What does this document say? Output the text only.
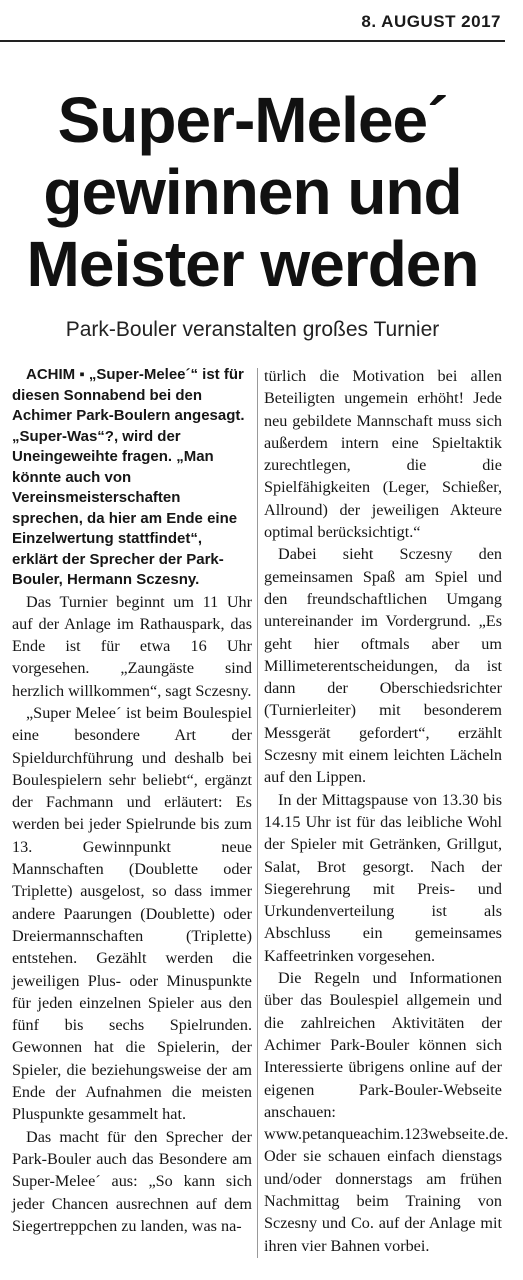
8. AUGUST 2017
Super-Melee´
gewinnen und
Meister werden
Park-Bouler veranstalten großes Turnier

ACHIM ▪ „Super-Melee´“ ist für diesen Sonnabend bei den Achimer Park-Boulern angesagt. „Super-Was“?, wird der Uneingeweihte fragen. „Man könnte auch von Vereinsmeisterschaften sprechen, da hier am Ende eine Einzelwertung stattfindet“, erklärt der Sprecher der Park-Bouler, Hermann Sczesny.

Das Turnier beginnt um 11 Uhr auf der Anlage im Rathauspark, das Ende ist für etwa 16 Uhr vorgesehen. „Zaungäste sind herzlich willkommen“, sagt Sczesny.

„Super Melee´ ist beim Boulespiel eine besondere Art der Spieldurchführung und deshalb bei Boulespielern sehr beliebt“, ergänzt der Fachmann und erläutert: Es werden bei jeder Spielrunde bis zum 13. Gewinnpunkt neue Mannschaften (Doublette oder Triplette) ausgelost, so dass immer andere Paarungen (Doublette) oder Dreiermannschaften (Triplette) entstehen. Gezählt werden die jeweiligen Plus- oder Minuspunkte für jeden einzelnen Spieler aus den fünf bis sechs Spielrunden. Gewonnen hat die Spielerin, der Spieler, die beziehungsweise der am Ende der Aufnahmen die meisten Pluspunkte gesammelt hat.

Das macht für den Sprecher der Park-Bouler auch das Besondere am Super-Melee´ aus: „So kann sich jeder Chancen ausrechnen auf dem Siegertreppchen zu landen, was na-

türlich die Motivation bei allen Beteiligten ungemein erhöht! Jede neu gebildete Mannschaft muss sich außerdem intern eine Spieltaktik zurechtlegen, die die Spielfähigkeiten (Leger, Schießer, Allround) der jeweiligen Akteure optimal berücksichtigt.“

Dabei sieht Sczesny den gemeinsamen Spaß am Spiel und den freundschaftlichen Umgang untereinander im Vordergrund. „Es geht hier oftmals aber um Millimeterentscheidungen, da ist dann der Oberschiedsrichter (Turnierleiter) mit besonderem Messgerät gefordert“, erzählt Sczesny mit einem leichten Lächeln auf den Lippen.

In der Mittagspause von 13.30 bis 14.15 Uhr ist für das leibliche Wohl der Spieler mit Getränken, Grillgut, Salat, Brot gesorgt. Nach der Siegerehrung mit Preis- und Urkundenverteilung ist als Abschluss ein gemeinsames Kaffeetrinken vorgesehen.

Die Regeln und Informationen über das Boulespiel allgemein und die zahlreichen Aktivitäten der Achimer Park-Bouler können sich Interessierte übrigens online auf der eigenen Park-Bouler-Webseite anschauen: www.petanqueachim.123webseite.de. Oder sie schauen einfach dienstags und/oder donnerstags am frühen Nachmittag beim Training von Sczesny und Co. auf der Anlage mit ihren vier Bahnen vorbei.
